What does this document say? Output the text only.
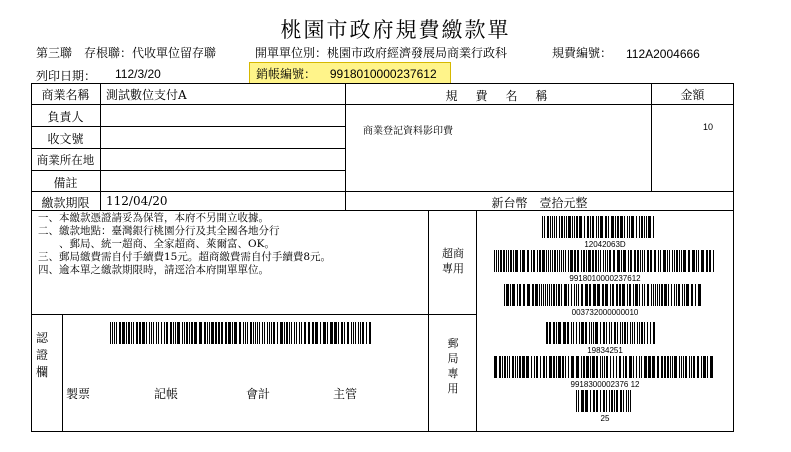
桃園市政府規費繳款單
第三聯　存根聯：代收單位留存聯	開單單位別：桃園市政府經濟發展局商業行政科	規費編號： 112A2004666
列印日期： 112/3/20	銷帳編號： 9918010000237612
商業名稱	測試數位支付A
負責人
收文號
商業所在地
備註
規　費　名　稱	金額
商業登記資料影印費	10
繳款期限	112/04/20	新台幣　壹拾元整
一、本繳款憑證請妥為保管，本府不另開立收據。
二、繳款地點：臺灣銀行桃園分行及其全國各地分行
　　、郵局、統一超商、全家超商、萊爾富、OK。
三、郵局繳費需自付手續費15元。超商繳費需自付手續費8元。
四、逾本單之繳款期限時，請逕洽本府開單單位。
認證欄
製票	記帳	會計	主管
超商專用
12042063D
9918010000237612
003732000000010
郵局專用
19834251
9918300002376 12
25
